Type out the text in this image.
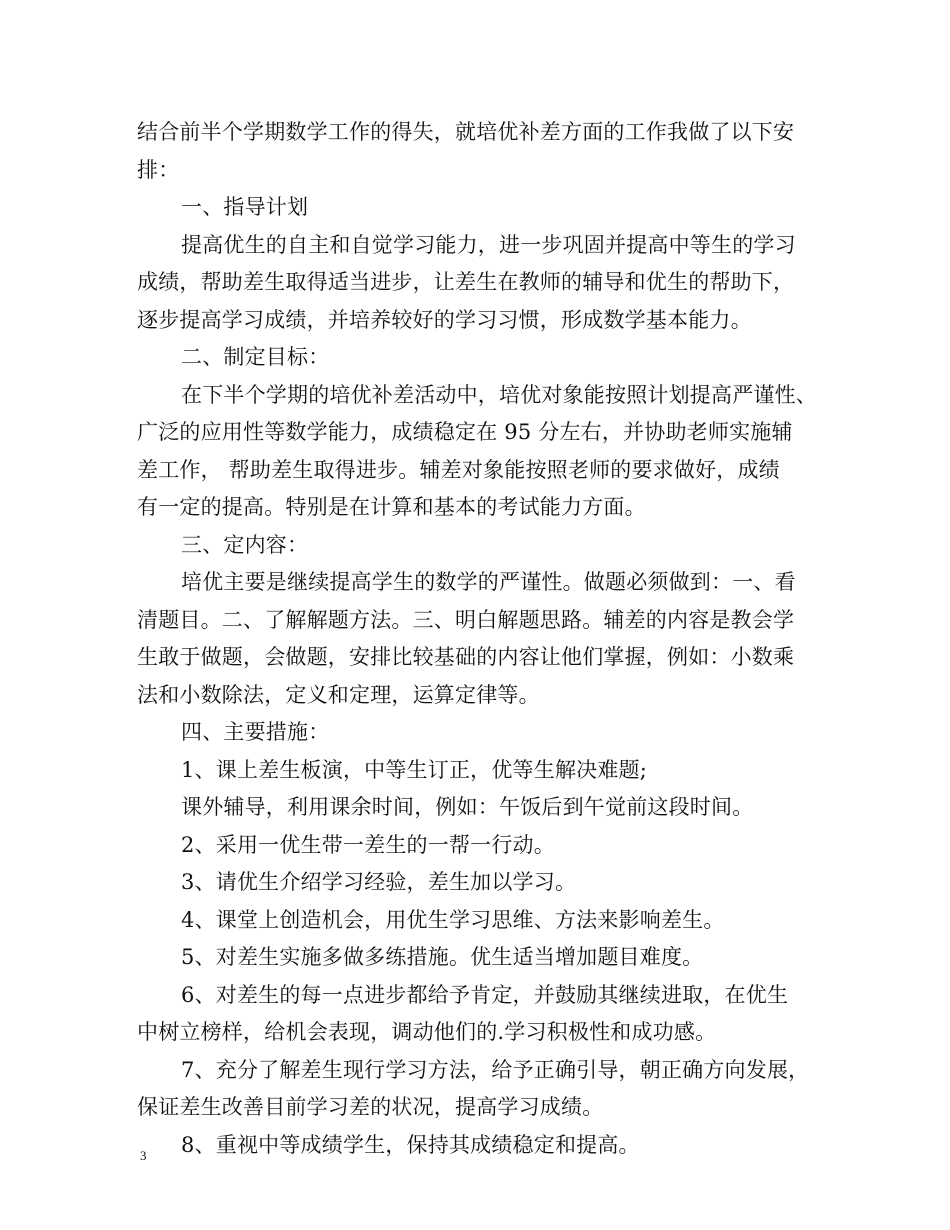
结合前半个学期数学工作的得失，就培优补差方面的工作我做了以下安
排：
一、指导计划
提高优生的自主和自觉学习能力，进一步巩固并提高中等生的学习
成绩，帮助差生取得适当进步，让差生在教师的辅导和优生的帮助下，
逐步提高学习成绩，并培养较好的学习习惯，形成数学基本能力。
二、制定目标：
在下半个学期的培优补差活动中，培优对象能按照计划提高严谨性、
广泛的应用性等数学能力，成绩稳定在 95 分左右，并协助老师实施辅
差工作， 帮助差生取得进步。辅差对象能按照老师的要求做好，成绩
有一定的提高。特别是在计算和基本的考试能力方面。
三、定内容：
培优主要是继续提高学生的数学的严谨性。做题必须做到：一、看
清题目。二、了解解题方法。三、明白解题思路。辅差的内容是教会学
生敢于做题，会做题，安排比较基础的内容让他们掌握，例如：小数乘
法和小数除法，定义和定理，运算定律等。
四、主要措施：
1、课上差生板演，中等生订正，优等生解决难题;
课外辅导，利用课余时间，例如：午饭后到午觉前这段时间。
2、采用一优生带一差生的一帮一行动。
3、请优生介绍学习经验，差生加以学习。
4、课堂上创造机会，用优生学习思维、方法来影响差生。
5、对差生实施多做多练措施。优生适当增加题目难度。
6、对差生的每一点进步都给予肯定，并鼓励其继续进取，在优生
中树立榜样，给机会表现，调动他们的.学习积极性和成功感。
7、充分了解差生现行学习方法，给予正确引导，朝正确方向发展，
保证差生改善目前学习差的状况，提高学习成绩。
8、重视中等成绩学生，保持其成绩稳定和提高。
3
